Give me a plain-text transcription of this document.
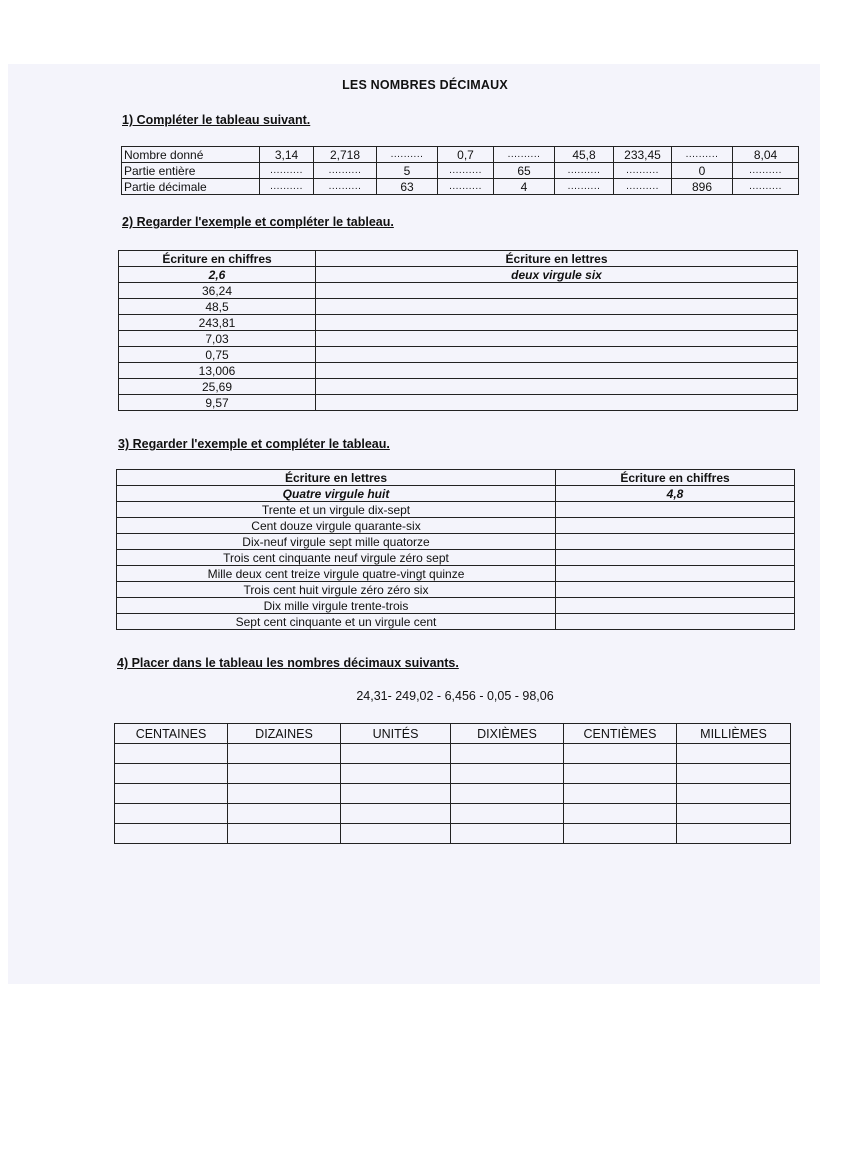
LES NOMBRES DÉCIMAUX
1) Compléter le tableau suivant.
Nombre donné	3,14	2,718	..........	0,7	..........	45,8	233,45	..........	8,04
Partie entière	..........	..........	5	..........	65	..........	..........	0	..........
Partie décimale	..........	..........	63	..........	4	..........	..........	896	..........
2) Regarder l'exemple et compléter le tableau.
Écriture en chiffres	Écriture en lettres
2,6	deux virgule six
36,24	
48,5	
243,81	
7,03	
0,75	
13,006	
25,69	
9,57	
3) Regarder l'exemple et compléter le tableau.
Écriture en lettres	Écriture en chiffres
Quatre virgule huit	4,8
Trente et un virgule dix-sept	
Cent douze virgule quarante-six	
Dix-neuf virgule sept mille quatorze	
Trois cent cinquante neuf virgule zéro sept	
Mille deux cent treize virgule quatre-vingt quinze	
Trois cent huit virgule zéro zéro six	
Dix mille virgule trente-trois	
Sept cent cinquante et un virgule cent	
4) Placer dans le tableau les nombres décimaux suivants.
24,31- 249,02 - 6,456 - 0,05 - 98,06
CENTAINES	DIZAINES	UNITÉS	DIXIÈMES	CENTIÈMES	MILLIÈMES
